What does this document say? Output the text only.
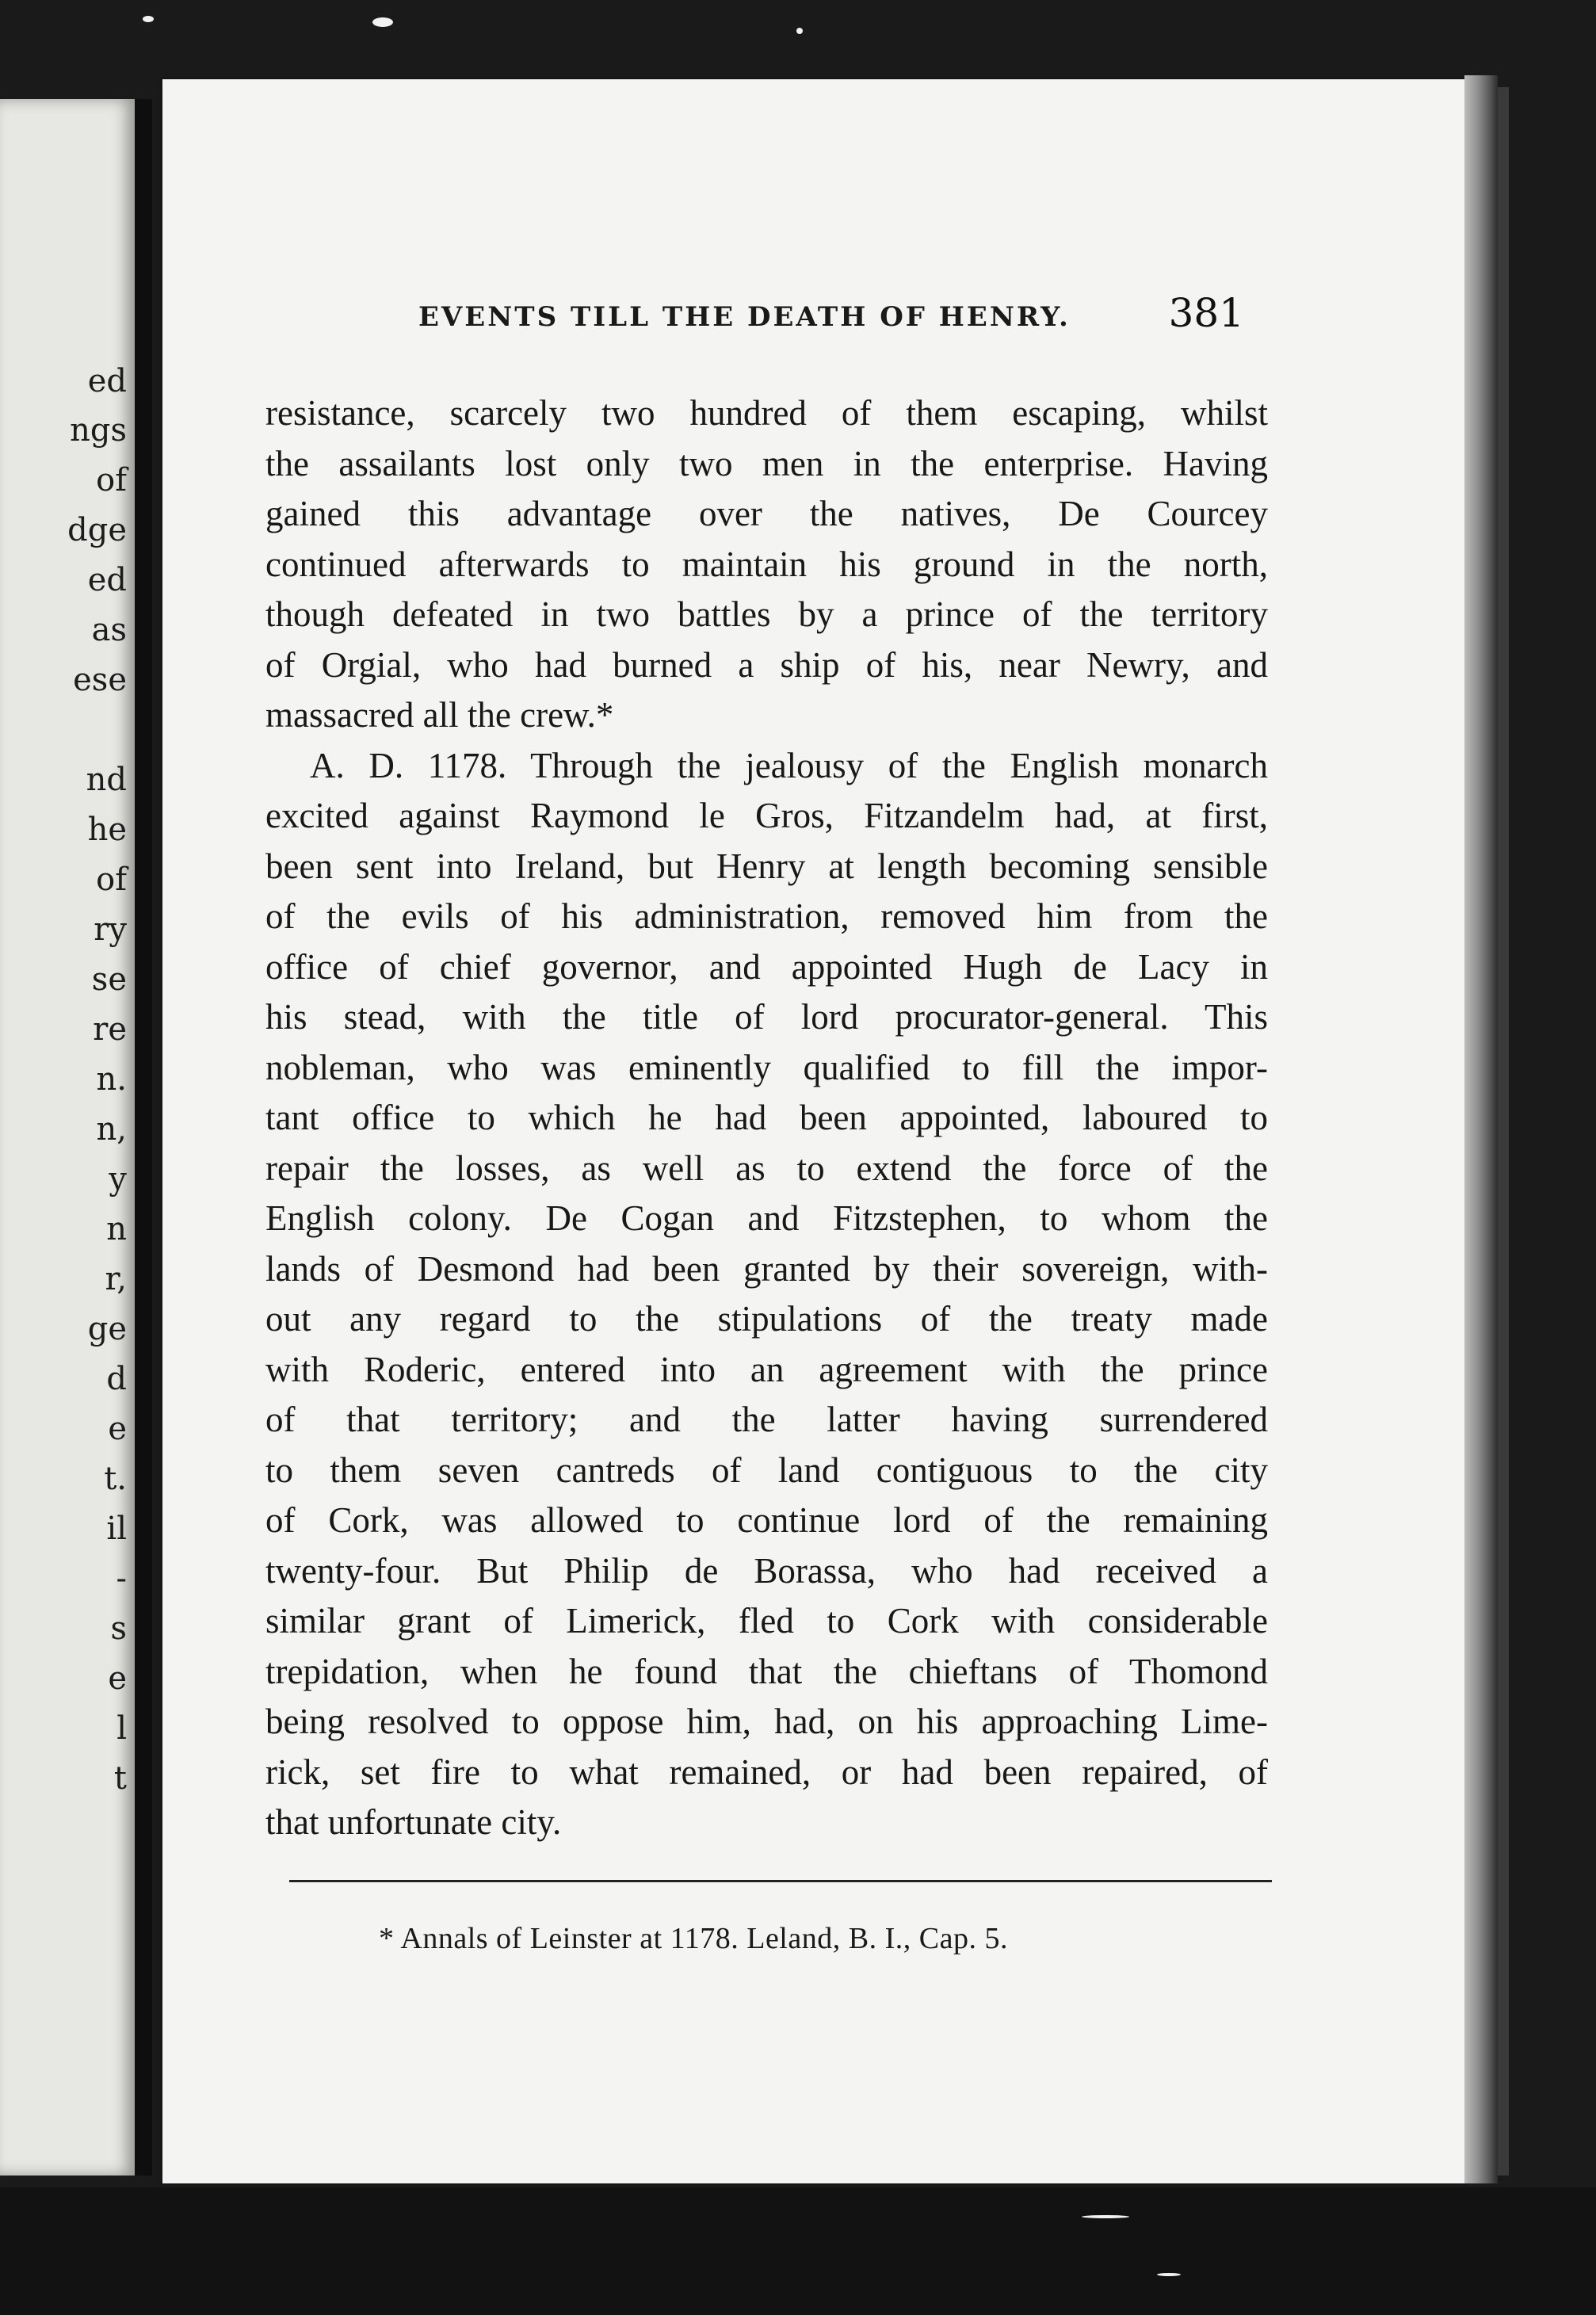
ed
ngs
of
dge
ed
as
ese
nd
he
of
ry
se
re
n.
n,
y
n
r,
ge
d
e
t.
il
-
s
e
l
t
EVENTS TILL THE DEATH OF HENRY. 381
resistance, scarcely two hundred of them escaping, whilst
the assailants lost only two men in the enterprise. Having
gained this advantage over the natives, De Courcey
continued afterwards to maintain his ground in the north,
though defeated in two battles by a prince of the territory
of Orgial, who had burned a ship of his, near Newry, and
massacred all the crew.*
A. D. 1178. Through the jealousy of the English monarch
excited against Raymond le Gros, Fitzandelm had, at first,
been sent into Ireland, but Henry at length becoming sensible
of the evils of his administration, removed him from the
office of chief governor, and appointed Hugh de Lacy in
his stead, with the title of lord procurator-general. This
nobleman, who was eminently qualified to fill the impor-
tant office to which he had been appointed, laboured to
repair the losses, as well as to extend the force of the
English colony. De Cogan and Fitzstephen, to whom the
lands of Desmond had been granted by their sovereign, with-
out any regard to the stipulations of the treaty made
with Roderic, entered into an agreement with the prince
of that territory; and the latter having surrendered
to them seven cantreds of land contiguous to the city
of Cork, was allowed to continue lord of the remaining
twenty-four. But Philip de Borassa, who had received a
similar grant of Limerick, fled to Cork with considerable
trepidation, when he found that the chieftans of Thomond
being resolved to oppose him, had, on his approaching Lime-
rick, set fire to what remained, or had been repaired, of
that unfortunate city.
* Annals of Leinster at 1178. Leland, B. I., Cap. 5.
